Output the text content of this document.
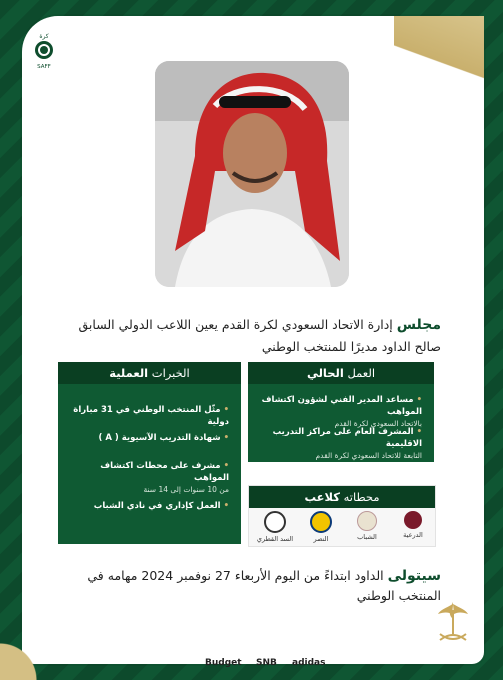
ﻛﺮﺓ
SAFF
مجلس إدارة الاتحاد السعودي لكرة القدم يعين اللاعب الدولي السابق
صالح الداود مديرًا للمنتخب الوطني
العمل الحالي
•مساعد المدير الفني لشؤون اكتشاف المواهب
بالاتحاد السعودي لكرة القدم
•المشرف العام على مراكز التدريب الاقليمية
التابعة للاتحاد السعودي لكرة القدم
الخبرات العملية
•مثّل المنتخب الوطني في 31 مباراة دولية
•شهادة التدريب الآسيوية ( A )
•مشرف على محطات اكتشاف المواهب
من 10 سنوات إلى 14 سنة
•العمل كإداري في نادي الشباب
محطاته كلاعب
الدرعية
الشباب
النصر
السد القطري
سيتولى الداود ابتداءً من اليوم الأربعاء 27 نوفمبر 2024 مهامه في
المنتخب الوطني
Budget SNB adidas
